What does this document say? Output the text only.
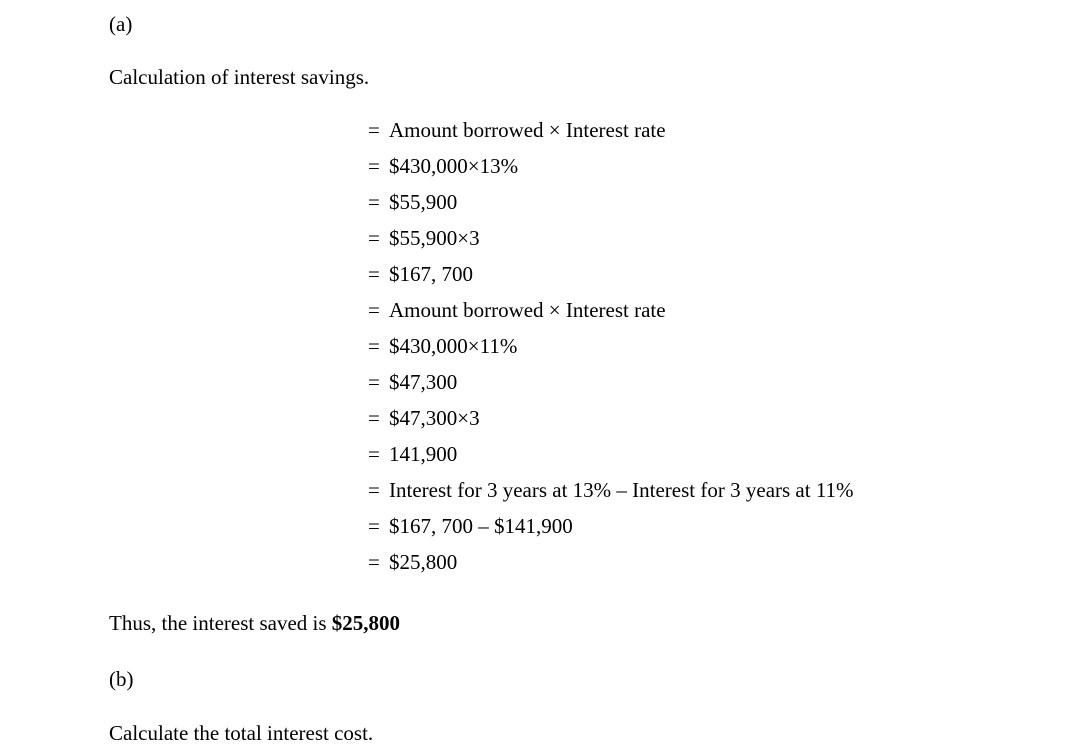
(a)

Calculation of interest savings.

= Amount borrowed × Interest rate
= $430,000×13%
= $55,900
= $55,900×3
= $167, 700
= Amount borrowed × Interest rate
= $430,000×11%
= $47,300
= $47,300×3
= 141,900
= Interest for 3 years at 13% – Interest for 3 years at 11%
= $167, 700 – $141,900
= $25,800

Thus, the interest saved is $25,800

(b)

Calculate the total interest cost.
